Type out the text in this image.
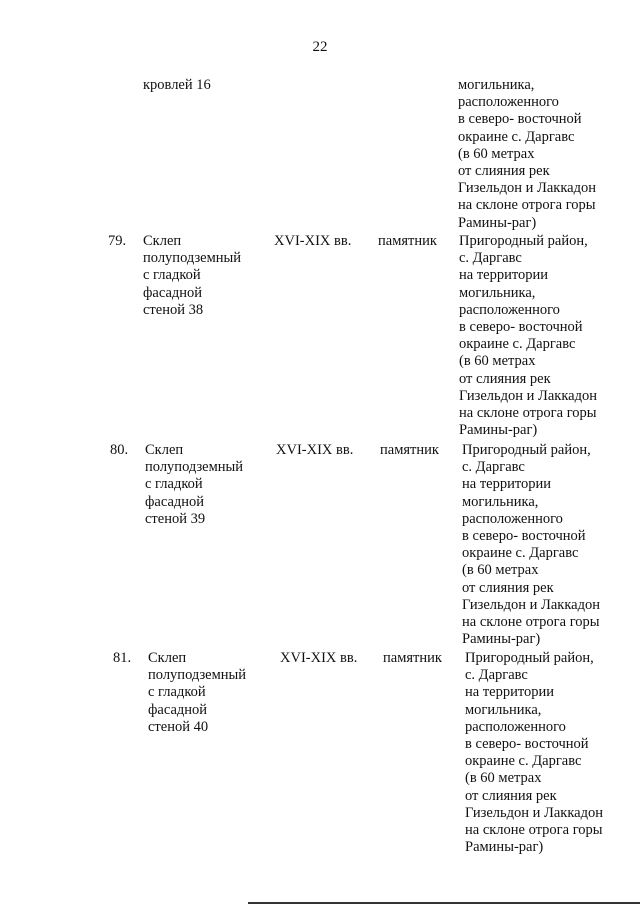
22
кровлей 16	могильника,
расположенного
в северо- восточной
окраине с. Даргавс
(в 60 метрах
от слияния рек
Гизельдон и Лаккадон
на склоне отрога горы
Рамины-раг)
79. Склеп
полуподземный
с гладкой
фасадной
стеной 38
XVI-XIX вв. памятник Пригородный район,
с. Даргавс
на территории
могильника,
расположенного
в северо- восточной
окраине с. Даргавс
(в 60 метрах
от слияния рек
Гизельдон и Лаккадон
на склоне отрога горы
Рамины-раг)
80. Склеп
полуподземный
с гладкой
фасадной
стеной 39
XVI-XIX вв. памятник Пригородный район,
с. Даргавс
на территории
могильника,
расположенного
в северо- восточной
окраине с. Даргавс
(в 60 метрах
от слияния рек
Гизельдон и Лаккадон
на склоне отрога горы
Рамины-раг)
81. Склеп
полуподземный
с гладкой
фасадной
стеной 40
XVI-XIX вв. памятник Пригородный район,
с. Даргавс
на территории
могильника,
расположенного
в северо- восточной
окраине с. Даргавс
(в 60 метрах
от слияния рек
Гизельдон и Лаккадон
на склоне отрога горы
Рамины-раг)
